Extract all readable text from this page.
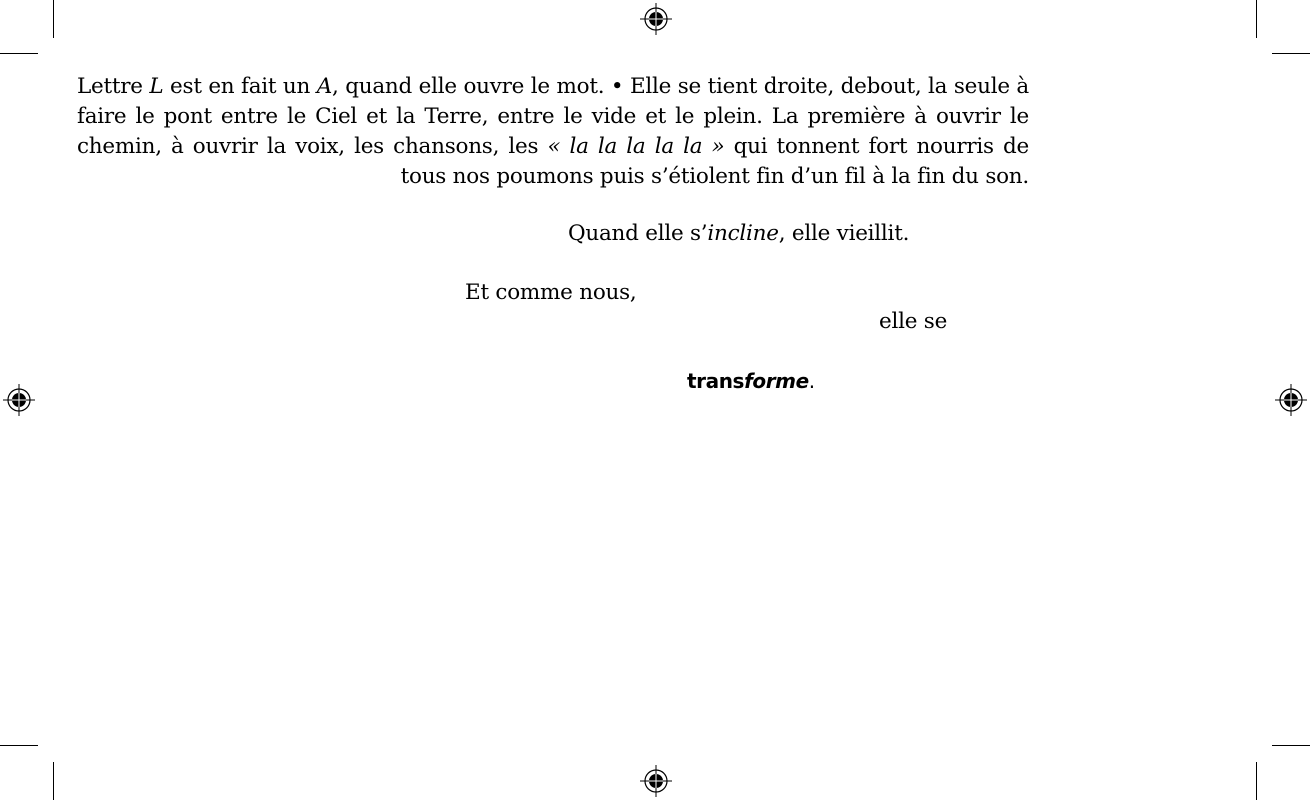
Lettre L est en fait un A, quand elle ouvre le mot. • Elle se tient droite, debout, la seule à faire le pont entre le Ciel et la Terre, entre le vide et le plein. La première à ouvrir le chemin, à ouvrir la voix, les chansons, les « la la la la la » qui tonnent fort nourris de tous nos poumons puis s’étiolent fin d’un fil à la fin du son.
Quand elle s’incline, elle vieillit.
Et comme nous,
elle se
transforme.
